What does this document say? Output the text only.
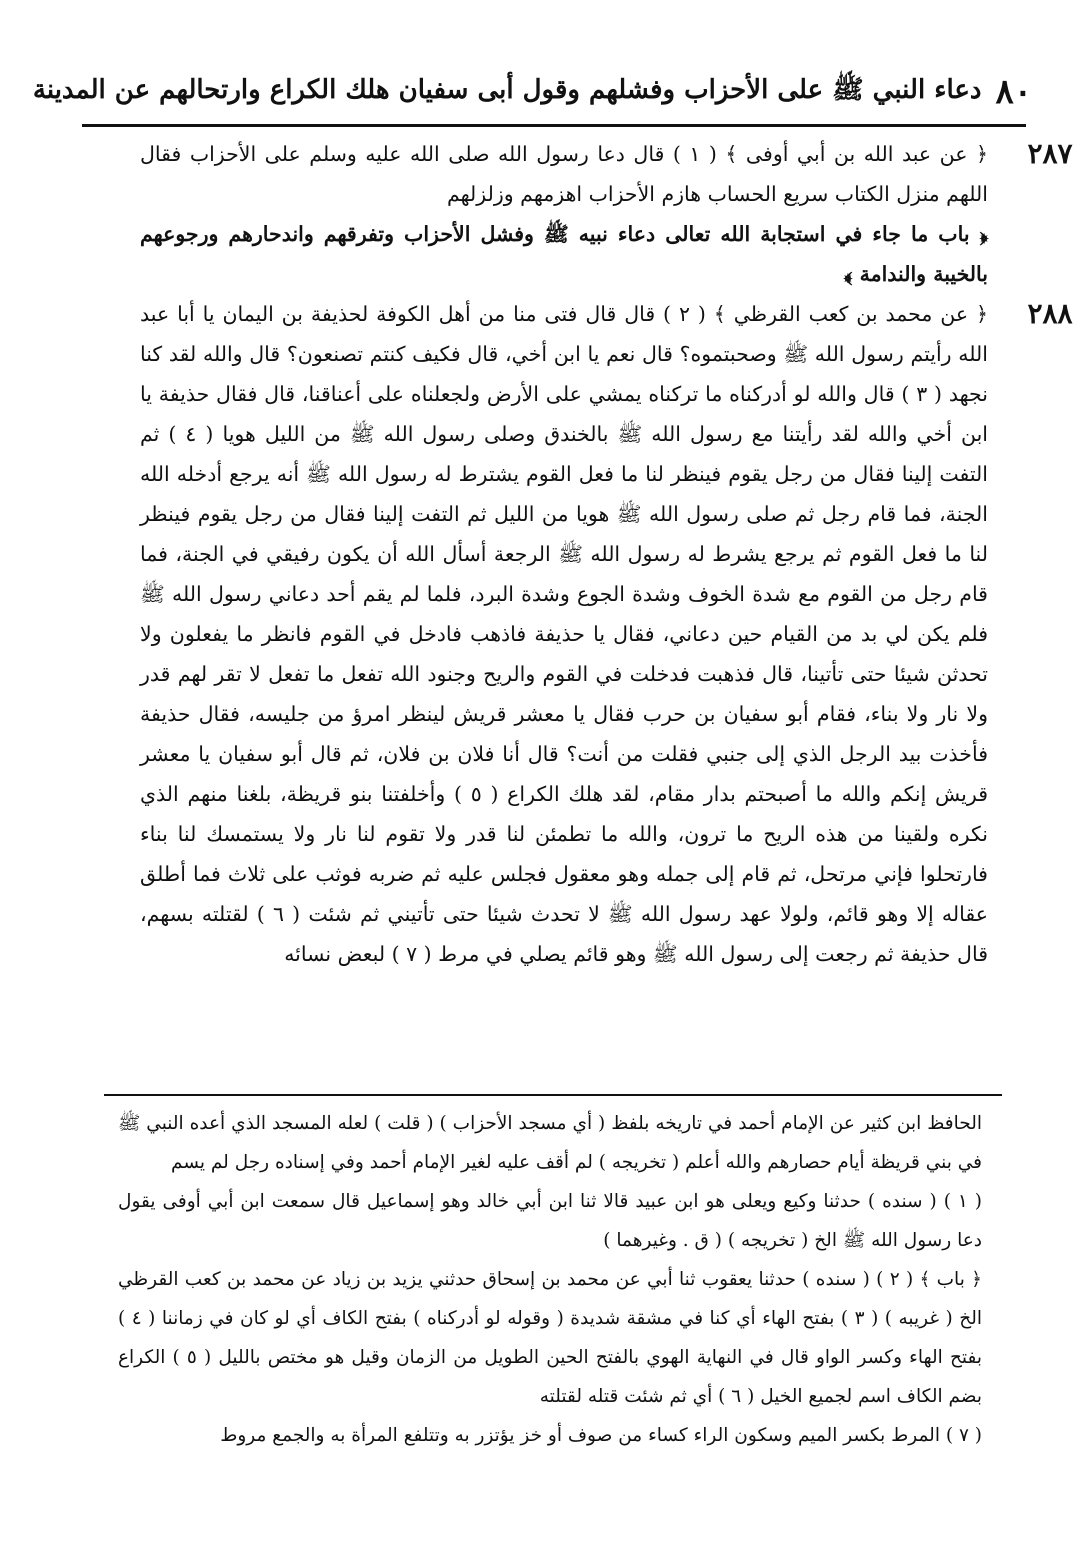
٨٠
دعاء النبي ﷺ على الأحزاب وفشلهم وقول أبى سفيان هلك الكراع وارتحالهم عن المدينة

٢٨٧
﴿ عن عبد الله بن أبي أوفى ﴾ ( ١ ) قال دعا رسول الله صلى الله عليه وسلم على الأحزاب فقال اللهم منزل الكتاب سريع الحساب هازم الأحزاب اهزمهم وزلزلهم

﴿ باب ما جاء في استجابة الله تعالى دعاء نبيه ﷺ وفشل الأحزاب وتفرقهم واندحارهم ورجوعهم بالخيبة والندامة ﴾

٢٨٨
﴿ عن محمد بن كعب القرظي ﴾ ( ٢ ) قال قال فتى منا من أهل الكوفة لحذيفة بن اليمان يا أبا عبد الله رأيتم رسول الله ﷺ وصحبتموه؟ قال نعم يا ابن أخي، قال فكيف كنتم تصنعون؟ قال والله لقد كنا نجهد ( ٣ ) قال والله لو أدركناه ما تركناه يمشي على الأرض ولجعلناه على أعناقنا، قال فقال حذيفة يا ابن أخي والله لقد رأيتنا مع رسول الله ﷺ بالخندق وصلى رسول الله ﷺ من الليل هويا ( ٤ ) ثم التفت إلينا فقال من رجل يقوم فينظر لنا ما فعل القوم يشترط له رسول الله ﷺ أنه يرجع أدخله الله الجنة، فما قام رجل ثم صلى رسول الله ﷺ هويا من الليل ثم التفت إلينا فقال من رجل يقوم فينظر لنا ما فعل القوم ثم يرجع يشرط له رسول الله ﷺ الرجعة أسأل الله أن يكون رفيقي في الجنة، فما قام رجل من القوم مع شدة الخوف وشدة الجوع وشدة البرد، فلما لم يقم أحد دعاني رسول الله ﷺ فلم يكن لي بد من القيام حين دعاني، فقال يا حذيفة فاذهب فادخل في القوم فانظر ما يفعلون ولا تحدثن شيئا حتى تأتينا، قال فذهبت فدخلت في القوم والريح وجنود الله تفعل ما تفعل لا تقر لهم قدر ولا نار ولا بناء، فقام أبو سفيان بن حرب فقال يا معشر قريش لينظر امرؤ من جليسه، فقال حذيفة فأخذت بيد الرجل الذي إلى جنبي فقلت من أنت؟ قال أنا فلان بن فلان، ثم قال أبو سفيان يا معشر قريش إنكم والله ما أصبحتم بدار مقام، لقد هلك الكراع ( ٥ ) وأخلفتنا بنو قريظة، بلغنا منهم الذي نكره ولقينا من هذه الريح ما ترون، والله ما تطمئن لنا قدر ولا تقوم لنا نار ولا يستمسك لنا بناء فارتحلوا فإني مرتحل، ثم قام إلى جمله وهو معقول فجلس عليه ثم ضربه فوثب على ثلاث فما أطلق عقاله إلا وهو قائم، ولولا عهد رسول الله ﷺ لا تحدث شيئا حتى تأتيني ثم شئت ( ٦ ) لقتلته بسهم، قال حذيفة ثم رجعت إلى رسول الله ﷺ وهو قائم يصلي في مرط ( ٧ ) لبعض نسائه

الحافظ ابن كثير عن الإمام أحمد في تاريخه بلفظ ( أي مسجد الأحزاب ) ( قلت ) لعله المسجد الذي أعده النبي ﷺ في بني قريظة أيام حصارهم والله أعلم ( تخريجه ) لم أقف عليه لغير الإمام أحمد وفي إسناده رجل لم يسم

( ١ ) ( سنده ) حدثنا وكيع ويعلى هو ابن عبيد قالا ثنا ابن أبي خالد وهو إسماعيل قال سمعت ابن أبي أوفى يقول دعا رسول الله ﷺ الخ ( تخريجه ) ( ق . وغيرهما )

﴿ باب ﴾ ( ٢ ) ( سنده ) حدثنا يعقوب ثنا أبي عن محمد بن إسحاق حدثني يزيد بن زياد عن محمد بن كعب القرظي الخ ( غريبه ) ( ٣ ) بفتح الهاء أي كنا في مشقة شديدة ( وقوله لو أدركناه ) بفتح الكاف أي لو كان في زماننا ( ٤ ) بفتح الهاء وكسر الواو قال في النهاية الهوي بالفتح الحين الطويل من الزمان وقيل هو مختص بالليل ( ٥ ) الكراع بضم الكاف اسم لجميع الخيل ( ٦ ) أي ثم شئت قتله لقتلته

( ٧ ) المرط بكسر الميم وسكون الراء كساء من صوف أو خز يؤتزر به وتتلفع المرأة به والجمع مروط
